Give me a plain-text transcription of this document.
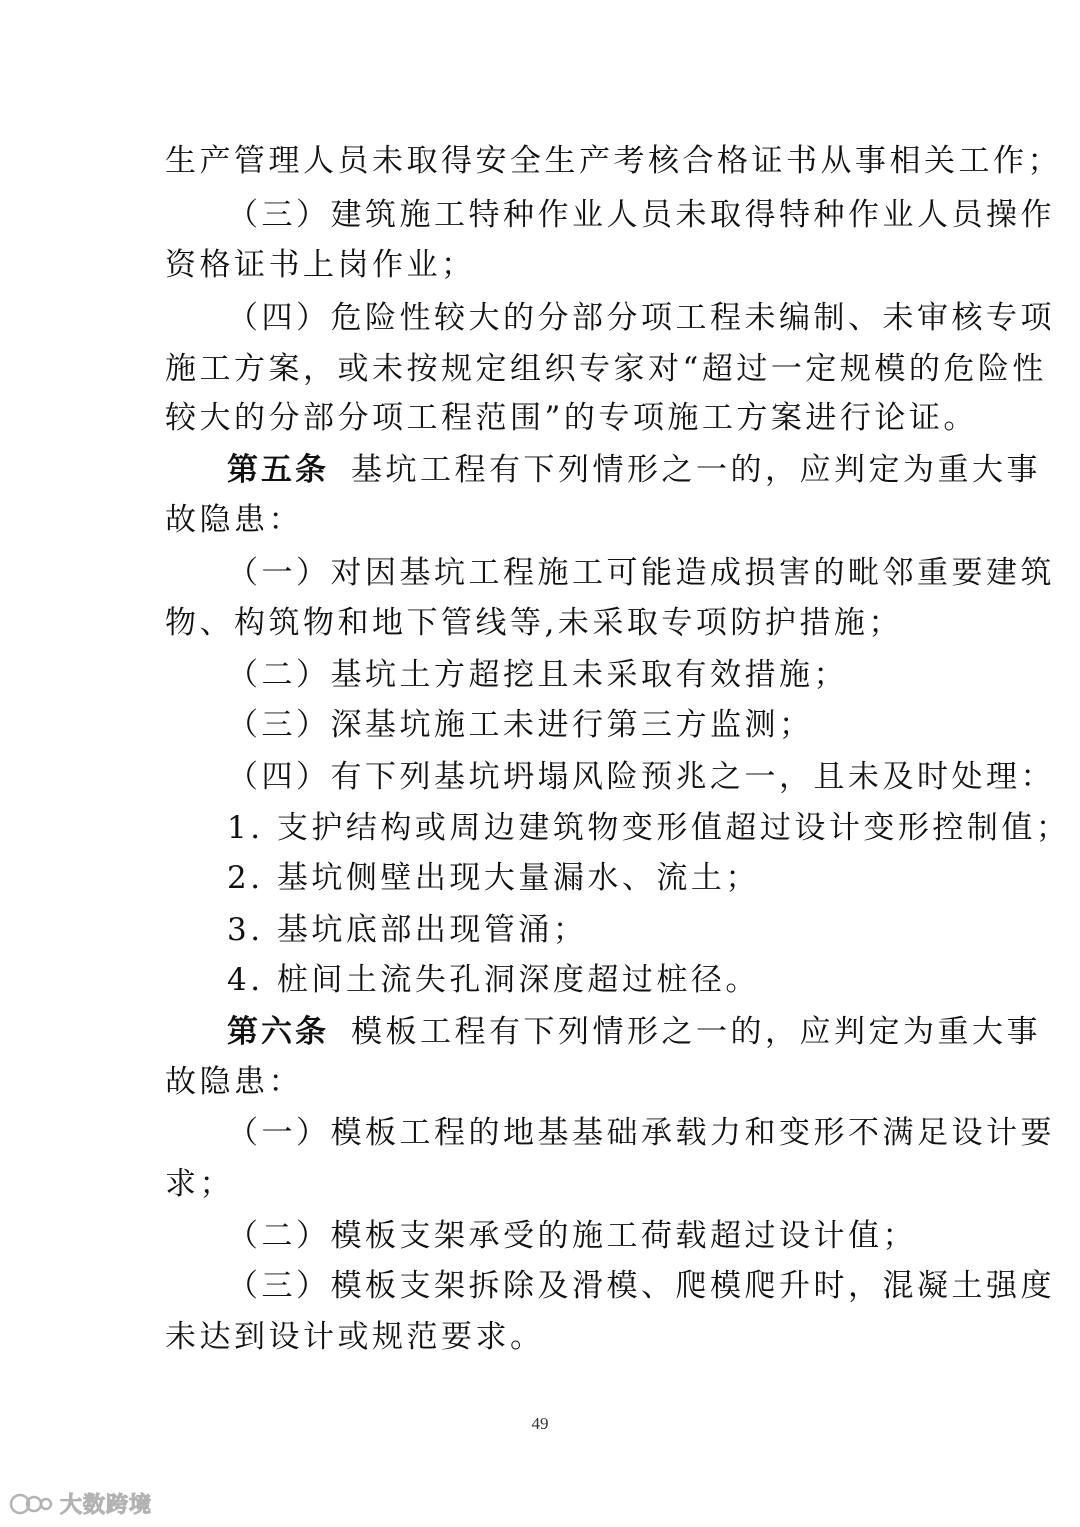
生产管理人员未取得安全生产考核合格证书从事相关工作；
（三）建筑施工特种作业人员未取得特种作业人员操作
资格证书上岗作业；
（四）危险性较大的分部分项工程未编制、未审核专项
施工方案，或未按规定组织专家对“超过一定规模的危险性
较大的分部分项工程范围”的专项施工方案进行论证。
第五条 基坑工程有下列情形之一的，应判定为重大事
故隐患：
（一）对因基坑工程施工可能造成损害的毗邻重要建筑
物、构筑物和地下管线等,未采取专项防护措施；
（二）基坑土方超挖且未采取有效措施；
（三）深基坑施工未进行第三方监测；
（四）有下列基坑坍塌风险预兆之一，且未及时处理：
1. 支护结构或周边建筑物变形值超过设计变形控制值；
2. 基坑侧壁出现大量漏水、流土；
3. 基坑底部出现管涌；
4. 桩间土流失孔洞深度超过桩径。
第六条 模板工程有下列情形之一的，应判定为重大事
故隐患：
（一）模板工程的地基基础承载力和变形不满足设计要
求；
（二）模板支架承受的施工荷载超过设计值；
（三）模板支架拆除及滑模、爬模爬升时，混凝土强度
未达到设计或规范要求。
49
大数跨境
